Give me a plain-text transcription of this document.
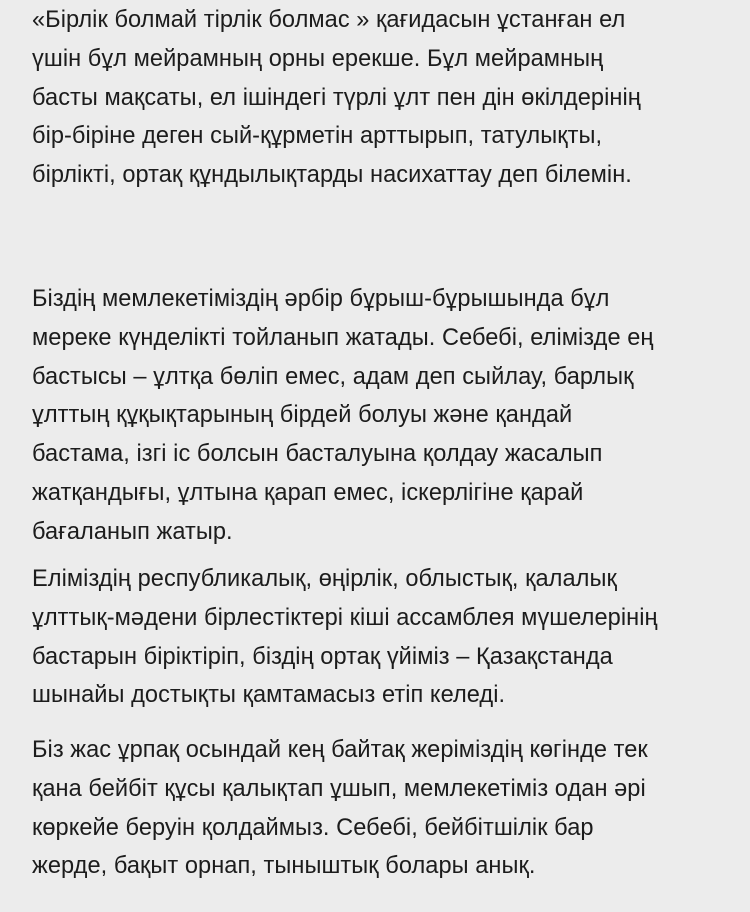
«Бірлік болмай тірлік болмас » қағидасын ұстанған ел
үшін бұл мейрамның орны ерекше. Бұл мейрамның
басты мақсаты, ел ішіндегі түрлі ұлт пен дін өкілдерінің
бір-біріне деген сый-құрметін арттырып, татулықты,
бірлікті, ортақ құндылықтарды насихаттау деп білемін.

Біздің мемлекетіміздің әрбір бұрыш-бұрышында бұл
мереке күнделікті тойланып жатады. Себебі, елімізде ең
бастысы – ұлтқа бөліп емес, адам деп сыйлау, барлық
ұлттың құқықтарының бірдей болуы және қандай
бастама, ізгі іс болсын басталуына қолдау жасалып
жатқандығы, ұлтына қарап емес, іскерлігіне қарай
бағаланып жатыр.

Еліміздің республикалық, өңірлік, облыстық, қалалық
ұлттық-мәдени бірлестіктері кіші ассамблея мүшелерінің
бастарын біріктіріп, біздің ортақ үйіміз – Қазақстанда
шынайы достықты қамтамасыз етіп келеді.

Біз жас ұрпақ осындай кең байтақ жеріміздің көгінде тек
қана бейбіт құсы қалықтап ұшып, мемлекетіміз одан әрі
көркейе беруін қолдаймыз. Себебі, бейбітшілік бар
жерде, бақыт орнап, тыныштық болары анық.
